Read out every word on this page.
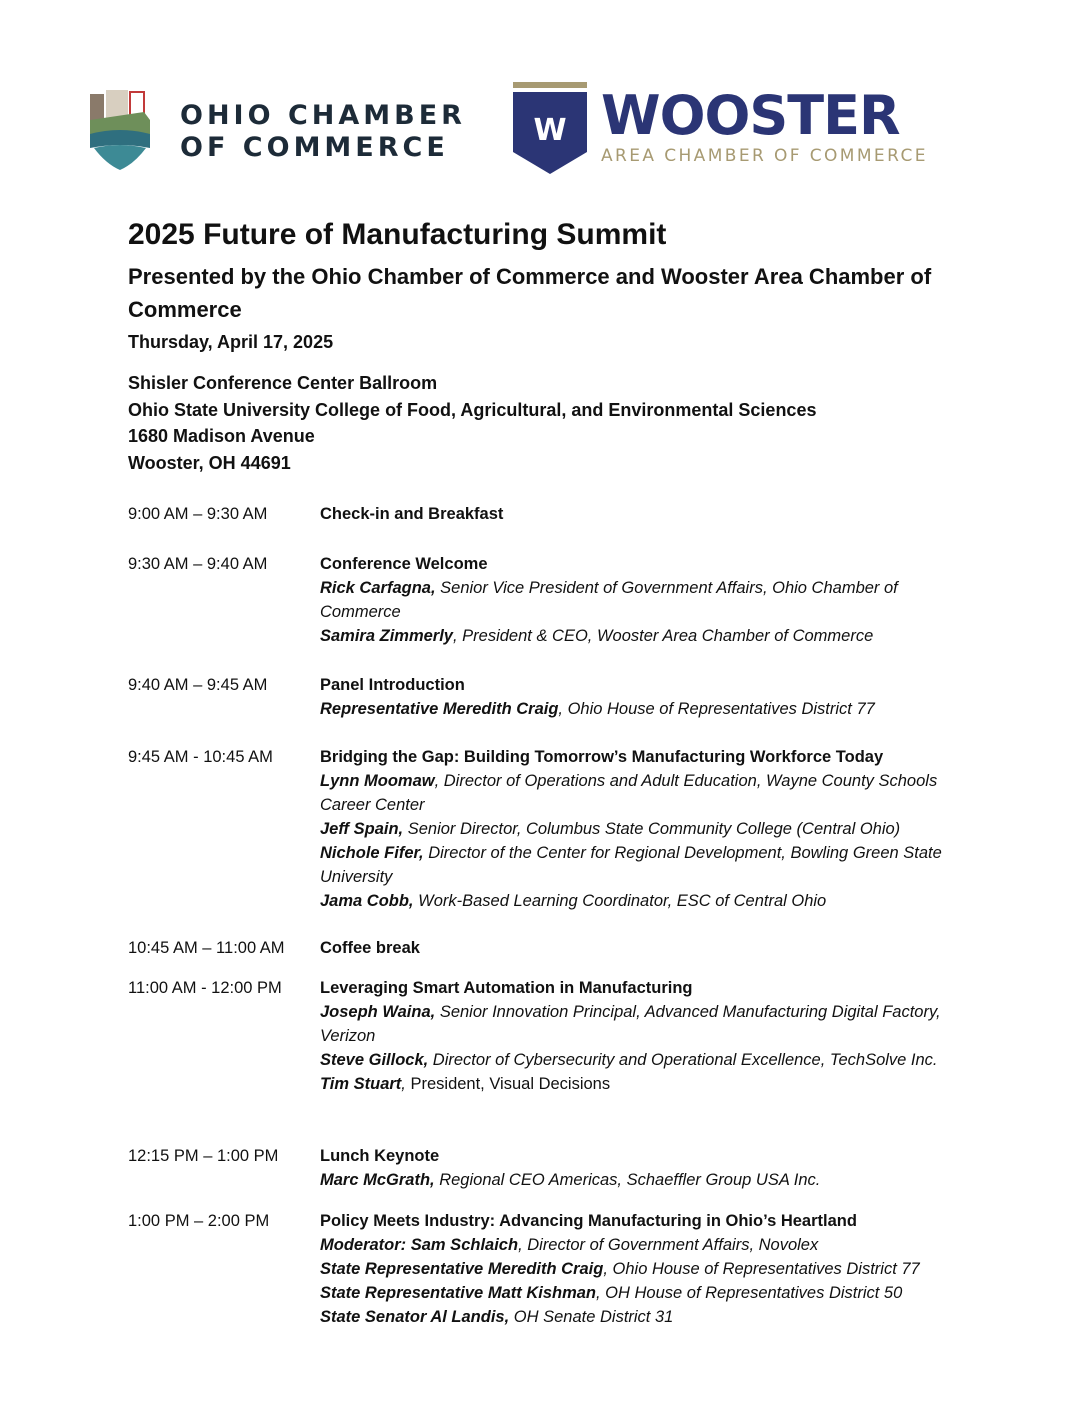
OHIO CHAMBER
OF COMMERCE	W WOOSTER
AREA CHAMBER OF COMMERCE
2025 Future of Manufacturing Summit
Presented by the Ohio Chamber of Commerce and Wooster Area Chamber of Commerce
Thursday, April 17, 2025
Shisler Conference Center Ballroom
Ohio State University College of Food, Agricultural, and Environmental Sciences
1680 Madison Avenue
Wooster, OH 44691
9:00 AM – 9:30 AM	Check-in and Breakfast
9:30 AM – 9:40 AM	Conference Welcome
Rick Carfagna, Senior Vice President of Government Affairs, Ohio Chamber of Commerce
Samira Zimmerly, President & CEO, Wooster Area Chamber of Commerce
9:40 AM – 9:45 AM	Panel Introduction
Representative Meredith Craig, Ohio House of Representatives District 77
9:45 AM - 10:45 AM	Bridging the Gap: Building Tomorrow’s Manufacturing Workforce Today
Lynn Moomaw, Director of Operations and Adult Education, Wayne County Schools Career Center
Jeff Spain, Senior Director, Columbus State Community College (Central Ohio)
Nichole Fifer, Director of the Center for Regional Development, Bowling Green State University
Jama Cobb, Work-Based Learning Coordinator, ESC of Central Ohio
10:45 AM – 11:00 AM	Coffee break
11:00 AM - 12:00 PM	Leveraging Smart Automation in Manufacturing
Joseph Waina, Senior Innovation Principal, Advanced Manufacturing Digital Factory, Verizon
Steve Gillock, Director of Cybersecurity and Operational Excellence, TechSolve Inc.
Tim Stuart, President, Visual Decisions
12:15 PM – 1:00 PM	Lunch Keynote
Marc McGrath, Regional CEO Americas, Schaeffler Group USA Inc.
1:00 PM – 2:00 PM	Policy Meets Industry: Advancing Manufacturing in Ohio’s Heartland
Moderator: Sam Schlaich, Director of Government Affairs, Novolex
State Representative Meredith Craig, Ohio House of Representatives District 77
State Representative Matt Kishman, OH House of Representatives District 50
State Senator Al Landis, OH Senate District 31
